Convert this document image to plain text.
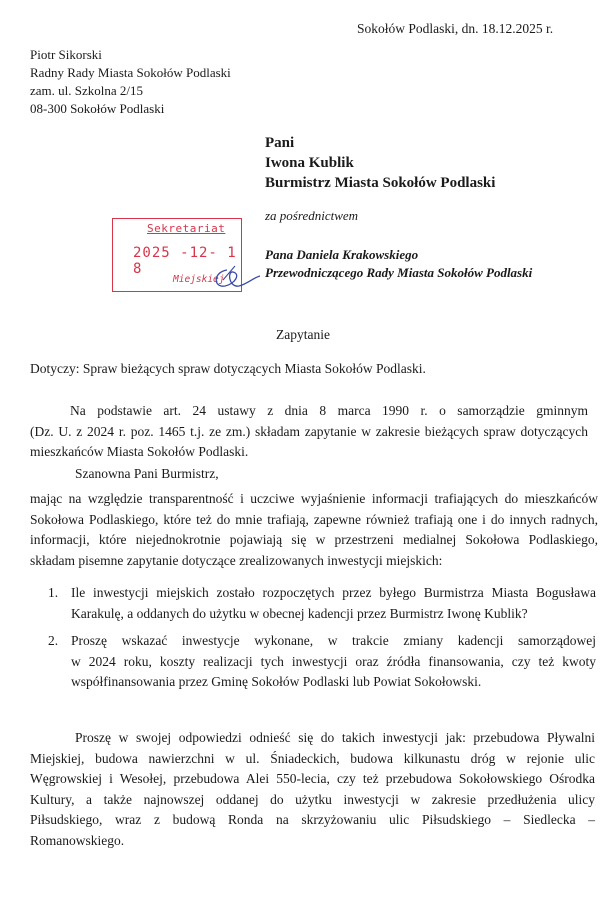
Sokołów Podlaski, dn. 18.12.2025 r.
Piotr Sikorski
Radny Rady Miasta Sokołów Podlaski
zam. ul. Szkolna 2/15
08-300 Sokołów Podlaski
Pani
Iwona Kublik
Burmistrz Miasta Sokołów Podlaski
za pośrednictwem
Pana Daniela Krakowskiego
Przewodniczącego Rady Miasta Sokołów Podlaski
Sekretariat
2025 -12- 1 8
Miejskiej
Zapytanie
Dotyczy: Spraw bieżących spraw dotyczących Miasta Sokołów Podlaski.
Na podstawie art. 24 ustawy z dnia 8 marca 1990 r. o samorządzie gminnym
(Dz. U. z 2024 r. poz. 1465 t.j. ze zm.) składam zapytanie w zakresie bieżących spraw dotyczących
mieszkańców Miasta Sokołów Podlaski.
Szanowna Pani Burmistrz,
mając na względzie transparentność i uczciwe wyjaśnienie informacji trafiających do mieszkańców
Sokołowa Podlaskiego, które też do mnie trafiają, zapewne również trafiają one i do innych radnych,
informacji, które niejednokrotnie pojawiają się w przestrzeni medialnej Sokołowa Podlaskiego,
składam pisemne zapytanie dotyczące zrealizowanych inwestycji miejskich:
1. Ile inwestycji miejskich zostało rozpoczętych przez byłego Burmistrza Miasta Bogusława
Karakulę, a oddanych do użytku w obecnej kadencji przez Burmistrz Iwonę Kublik?
2. Proszę wskazać inwestycje wykonane, w trakcie zmiany kadencji samorządowej
w 2024 roku, koszty realizacji tych inwestycji oraz źródła finansowania, czy też kwoty
współfinansowania przez Gminę Sokołów Podlaski lub Powiat Sokołowski.
Proszę w swojej odpowiedzi odnieść się do takich inwestycji jak: przebudowa Pływalni
Miejskiej, budowa nawierzchni w ul. Śniadeckich, budowa kilkunastu dróg w rejonie ulic
Węgrowskiej i Wesołej, przebudowa Alei 550-lecia, czy też przebudowa Sokołowskiego Ośrodka
Kultury, a także najnowszej oddanej do użytku inwestycji w zakresie przedłużenia ulicy
Piłsudskiego, wraz z budową Ronda na skrzyżowaniu ulic Piłsudskiego – Siedlecka –
Romanowskiego.
